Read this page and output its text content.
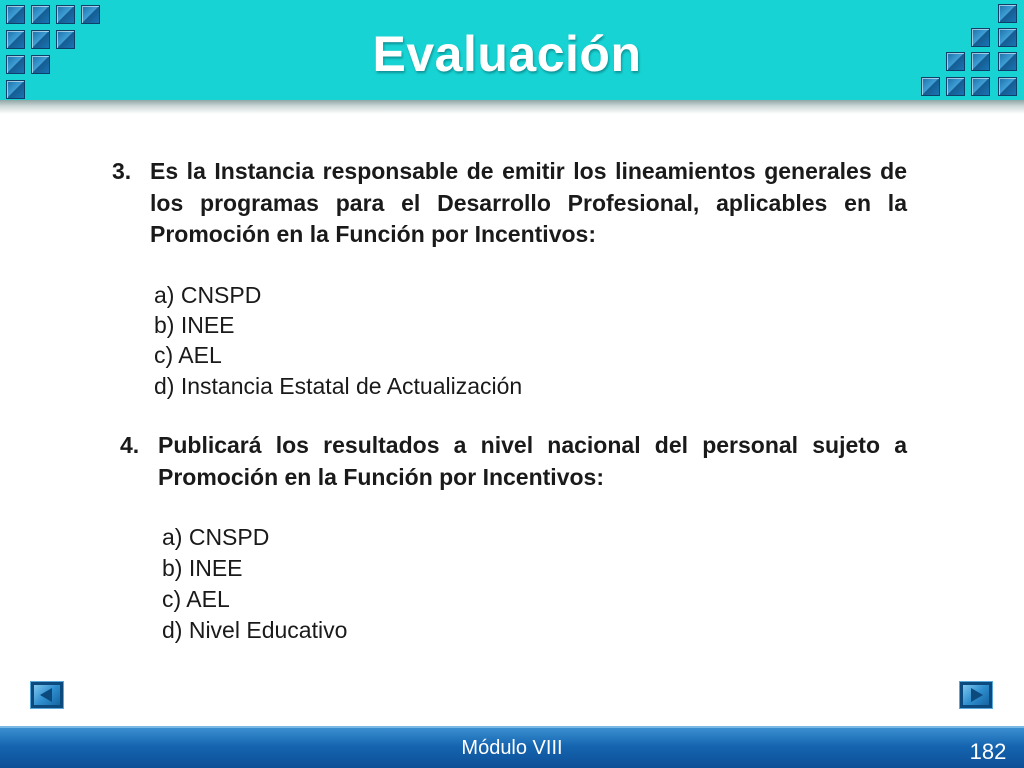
Evaluación
3. Es la Instancia responsable de emitir los lineamientos generales de los programas para el Desarrollo Profesional, aplicables en la Promoción en la Función por Incentivos:
a) CNSPD
b) INEE
c) AEL
d) Instancia Estatal de Actualización
4. Publicará los resultados a nivel nacional del personal sujeto a Promoción en la Función por Incentivos:
a) CNSPD
b) INEE
c) AEL
d) Nivel Educativo
Módulo VIII	182
